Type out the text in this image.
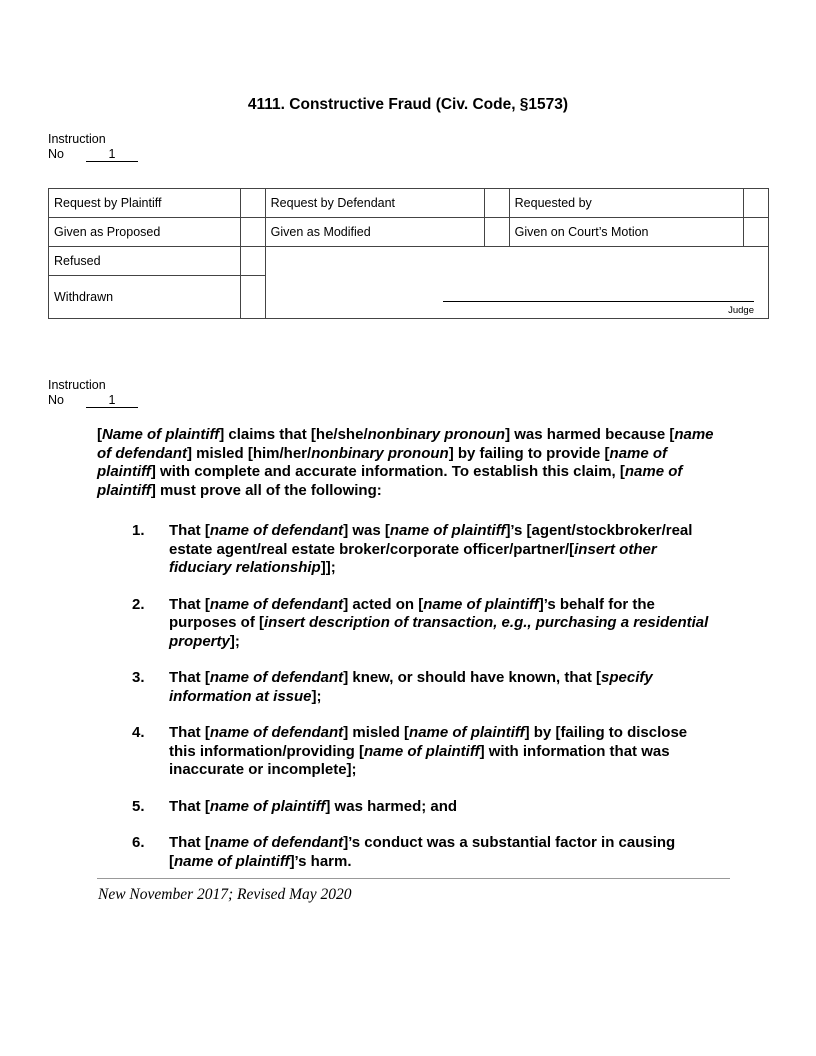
4111. Constructive Fraud (Civ. Code, §1573)
Instruction
No	1
Request by Plaintiff		Request by Defendant		Requested by	
Given as Proposed		Given as Modified		Given on Court’s Motion	
Refused		Judge			

Withdrawn					
Instruction
No	1
[Name of plaintiff] claims that [he/she/nonbinary pronoun] was harmed because [name of defendant] misled [him/her/nonbinary pronoun] by failing to provide [name of plaintiff] with complete and accurate information. To establish this claim, [name of plaintiff] must prove all of the following:
1.	That [name of defendant] was [name of plaintiff]’s [agent/stockbroker/real estate agent/real estate broker/corporate officer/partner/[insert other fiduciary relationship]];
2.	That [name of defendant] acted on [name of plaintiff]’s behalf for the purposes of [insert description of transaction, e.g., purchasing a residential property];
3.	That [name of defendant] knew, or should have known, that [specify information at issue];
4.	That [name of defendant] misled [name of plaintiff] by [failing to disclose this information/providing [name of plaintiff] with information that was inaccurate or incomplete];
5.	That [name of plaintiff] was harmed; and
6.	That [name of defendant]’s conduct was a substantial factor in causing [name of plaintiff]’s harm.
New November 2017; Revised May 2020
